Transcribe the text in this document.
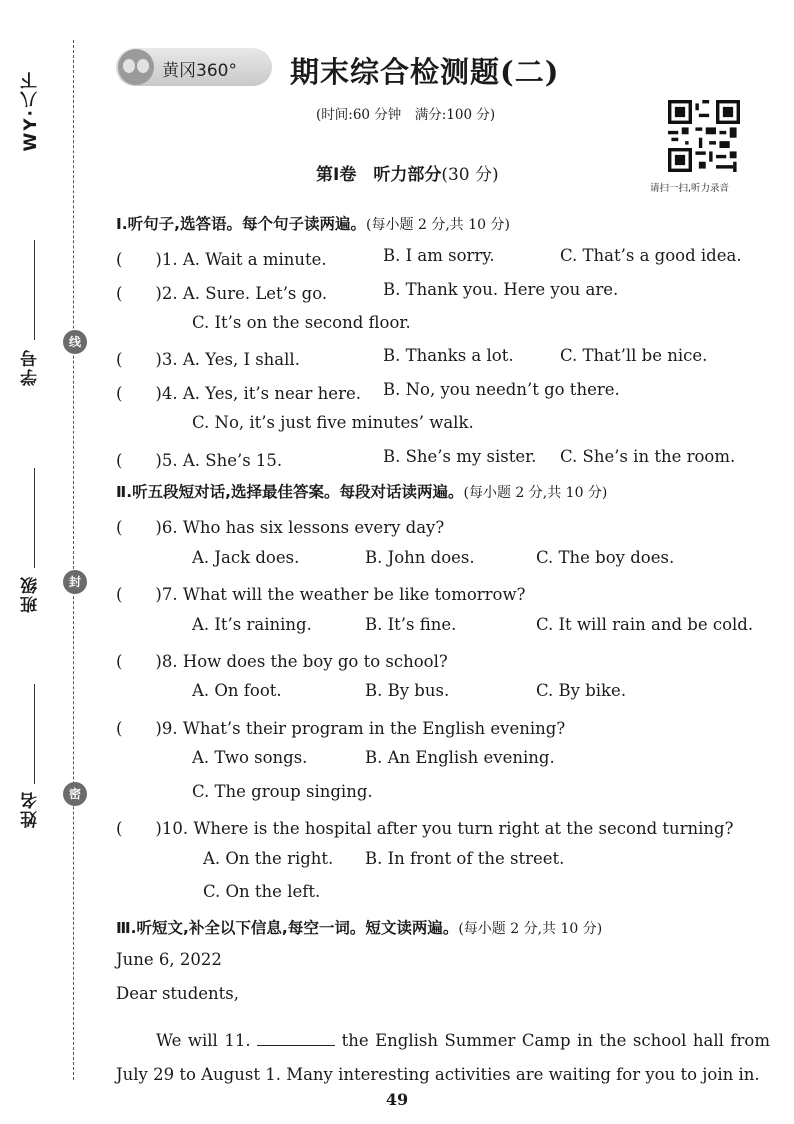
WY·八下
学号
班级
姓名
线
封
密
黄冈360° 期末综合检测题(二)
(时间:60 分钟　满分:100 分)
请扫一扫,听力录音
第Ⅰ卷　听力部分(30 分)
Ⅰ.听句子,选答语。每个句子读两遍。(每小题 2 分,共 10 分)
(　　)1. A. Wait a minute.	B. I am sorry.	C. That’s a good idea.
(　　)2. A. Sure. Let’s go.	B. Thank you. Here you are.
C. It’s on the second floor.
(　　)3. A. Yes, I shall.	B. Thanks a lot.	C. That’ll be nice.
(　　)4. A. Yes, it’s near here. B. No, you needn’t go there.
C. No, it’s just five minutes’ walk.
(　　)5. A. She’s 15.	B. She’s my sister. C. She’s in the room.
Ⅱ.听五段短对话,选择最佳答案。每段对话读两遍。(每小题 2 分,共 10 分)
(　　)6. Who has six lessons every day?
A. Jack does.	B. John does.	C. The boy does.
(　　)7. What will the weather be like tomorrow?
A. It’s raining.	B. It’s fine.	C. It will rain and be cold.
(　　)8. How does the boy go to school?
A. On foot.	B. By bus.	C. By bike.
(　　)9. What’s their program in the English evening?
A. Two songs.	B. An English evening.
C. The group singing.
(　　)10. Where is the hospital after you turn right at the second turning?
A. On the right. B. In front of the street.
C. On the left.
Ⅲ.听短文,补全以下信息,每空一词。短文读两遍。(每小题 2 分,共 10 分)
June 6, 2022
Dear students,
We will 11.	the English Summer Camp in the school hall from July 29 to August 1. Many interesting activities are waiting for you to join in.
49
